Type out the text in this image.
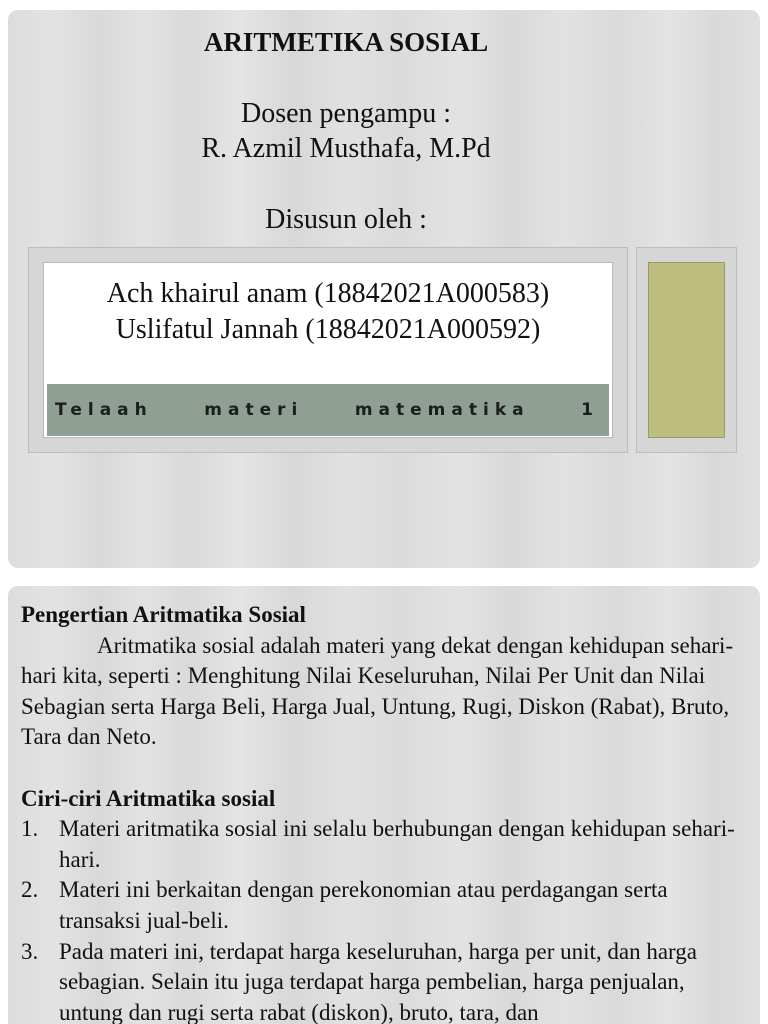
ARITMETIKA SOSIAL

Dosen pengampu :

R. Azmil Musthafa, M.Pd

Disusun oleh :

Ach khairul anam (18842021A000583)

Uslifatul Jannah (18842021A000592)

Telaah	materi	matematika	1

Pengertian Aritmatika Sosial

Aritmatika sosial adalah materi yang dekat dengan kehidupan sehari-hari kita, seperti : Menghitung Nilai Keseluruhan, Nilai Per Unit dan Nilai Sebagian serta Harga Beli, Harga Jual, Untung, Rugi, Diskon (Rabat), Bruto, Tara dan Neto.

Ciri-ciri Aritmatika sosial

1. Materi aritmatika sosial ini selalu berhubungan dengan kehidupan sehari-hari.
2. Materi ini berkaitan dengan perekonomian atau perdagangan serta transaksi jual-beli.
3. Pada materi ini, terdapat harga keseluruhan, harga per unit, dan harga sebagian. Selain itu juga terdapat harga pembelian, harga penjualan, untung dan rugi serta rabat (diskon), bruto, tara, dan
